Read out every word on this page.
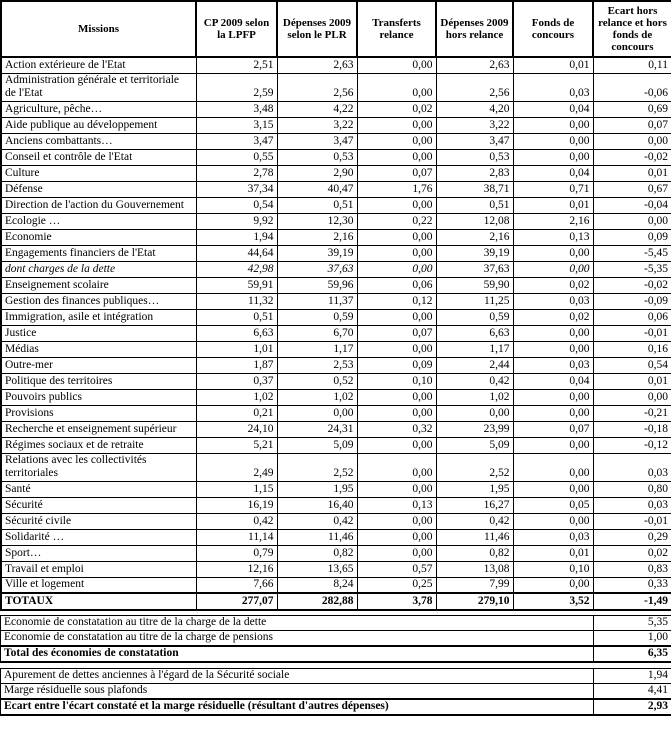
Missions	CP 2009 selon la LPFP	Dépenses 2009 selon le PLR	Transferts relance	Dépenses 2009 hors relance	Fonds de concours	Ecart hors relance et hors fonds de concours
Action extérieure de l'Etat	2,51	2,63	0,00	2,63	0,01	0,11
Administration générale et territoriale de l'Etat	2,59	2,56	0,00	2,56	0,03	-0,06
Agriculture, pêche…	3,48	4,22	0,02	4,20	0,04	0,69
Aide publique au développement	3,15	3,22	0,00	3,22	0,00	0,07
Anciens combattants…	3,47	3,47	0,00	3,47	0,00	0,00
Conseil et contrôle de l'Etat	0,55	0,53	0,00	0,53	0,00	-0,02
Culture	2,78	2,90	0,07	2,83	0,04	0,01
Défense	37,34	40,47	1,76	38,71	0,71	0,67
Direction de l'action du Gouvernement	0,54	0,51	0,00	0,51	0,01	-0,04
Ecologie …	9,92	12,30	0,22	12,08	2,16	0,00
Economie	1,94	2,16	0,00	2,16	0,13	0,09
Engagements financiers de l'Etat	44,64	39,19	0,00	39,19	0,00	-5,45
dont charges de la dette	42,98	37,63	0,00	37,63	0,00	-5,35
Enseignement scolaire	59,91	59,96	0,06	59,90	0,02	-0,02
Gestion des finances publiques…	11,32	11,37	0,12	11,25	0,03	-0,09
Immigration, asile et intégration	0,51	0,59	0,00	0,59	0,02	0,06
Justice	6,63	6,70	0,07	6,63	0,00	-0,01
Médias	1,01	1,17	0,00	1,17	0,00	0,16
Outre-mer	1,87	2,53	0,09	2,44	0,03	0,54
Politique des territoires	0,37	0,52	0,10	0,42	0,04	0,01
Pouvoirs publics	1,02	1,02	0,00	1,02	0,00	0,00
Provisions	0,21	0,00	0,00	0,00	0,00	-0,21
Recherche et enseignement supérieur	24,10	24,31	0,32	23,99	0,07	-0,18
Régimes sociaux et de retraite	5,21	5,09	0,00	5,09	0,00	-0,12
Relations avec les collectivités territoriales	2,49	2,52	0,00	2,52	0,00	0,03
Santé	1,15	1,95	0,00	1,95	0,00	0,80
Sécurité	16,19	16,40	0,13	16,27	0,05	0,03
Sécurité civile	0,42	0,42	0,00	0,42	0,00	-0,01
Solidarité …	11,14	11,46	0,00	11,46	0,03	0,29
Sport…	0,79	0,82	0,00	0,82	0,01	0,02
Travail et emploi	12,16	13,65	0,57	13,08	0,10	0,83
Ville et logement	7,66	8,24	0,25	7,99	0,00	0,33
TOTAUX	277,07	282,88	3,78	279,10	3,52	-1,49
Economie de constatation au titre de la charge de la dette	5,35
Economie de constatation au titre de la charge de pensions	1,00
Total des économies de constatation	6,35
Apurement de dettes anciennes à l'égard de la Sécurité sociale	1,94
Marge résiduelle sous plafonds	4,41
Ecart entre l'écart constaté et la marge résiduelle (résultant d'autres dépenses)	2,93
